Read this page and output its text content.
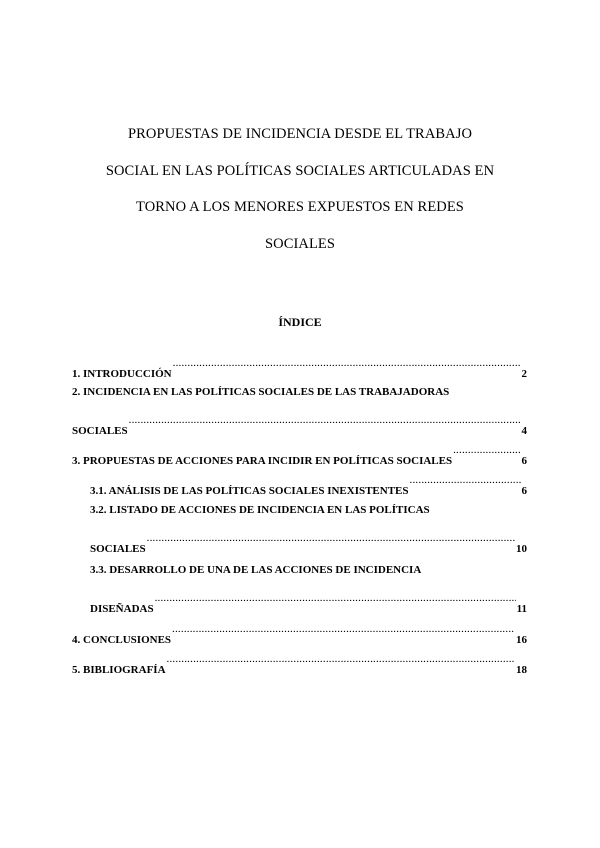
PROPUESTAS DE INCIDENCIA DESDE EL TRABAJO
SOCIAL EN LAS POLÍTICAS SOCIALES ARTICULADAS EN
TORNO A LOS MENORES EXPUESTOS EN REDES
SOCIALES
ÍNDICE
1. INTRODUCCIÓN .....	2
2. INCIDENCIA EN LAS POLÍTICAS SOCIALES DE LAS TRABAJADORAS
SOCIALES .....	4
3. PROPUESTAS DE ACCIONES PARA INCIDIR EN POLÍTICAS SOCIALES .....	6
3.1. ANÁLISIS DE LAS POLÍTICAS SOCIALES INEXISTENTES .....	6
3.2. LISTADO DE ACCIONES DE INCIDENCIA EN LAS POLÍTICAS
SOCIALES .....	10
3.3. DESARROLLO DE UNA DE LAS ACCIONES DE INCIDENCIA
DISEÑADAS .....	11
4. CONCLUSIONES .....	16
5. BIBLIOGRAFÍA .....	18
